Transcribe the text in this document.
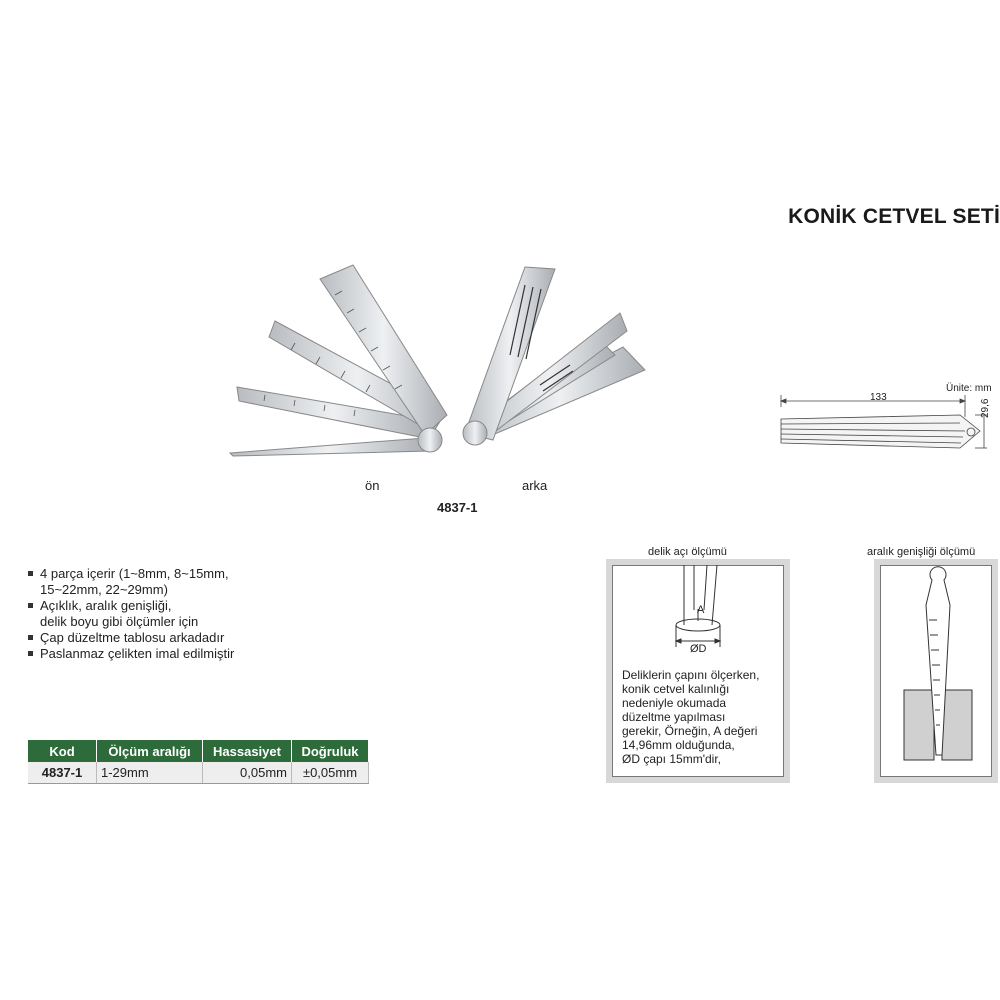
KONİK CETVEL SETİ
ön	arka
4837-1
Ünite: mm
133
29,6
4 parça içerir (1~8mm, 8~15mm,
15~22mm, 22~29mm)
Açıklık, aralık genişliği,
delik boyu gibi ölçümler için
Çap düzeltme tablosu arkadadır
Paslanmaz çelikten imal edilmiştir
Kod	Ölçüm aralığı	Hassasiyet	Doğruluk
4837-1	1-29mm	0,05mm	±0,05mm
delik açı ölçümü
A
ØD
Deliklerin çapını ölçerken,
konik cetvel kalınlığı
nedeniyle okumada
düzeltme yapılması
gerekir, Örneğin, A değeri
14,96mm olduğunda,
ØD çapı 15mm'dir,
aralık genişliği ölçümü
